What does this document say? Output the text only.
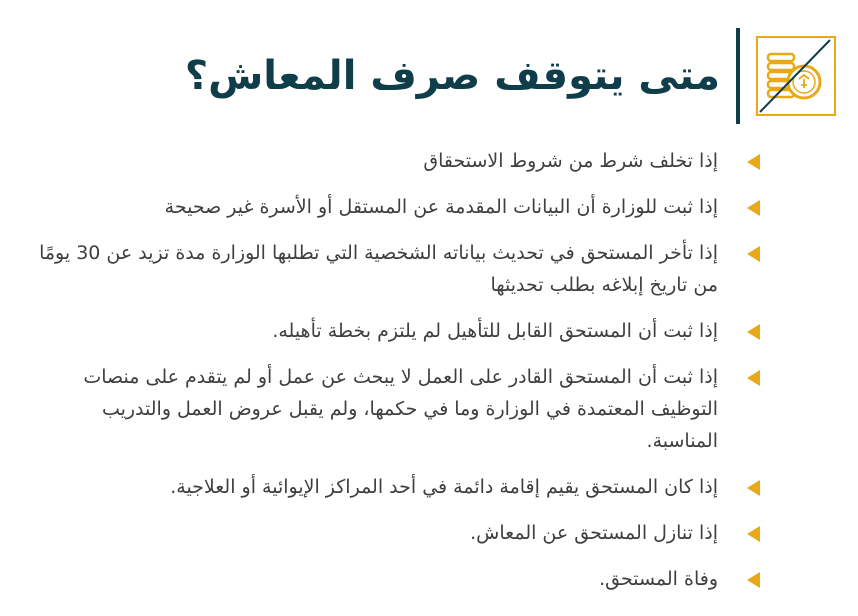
متى يتوقف صرف المعاش؟
إذا تخلف شرط من شروط الاستحقاق
إذا ثبت للوزارة أن البيانات المقدمة عن المستقل أو الأسرة غير صحيحة
إذا تأخر المستحق في تحديث بياناته الشخصية التي تطلبها الوزارة مدة تزيد عن 30 يومًا من تاريخ إبلاغه بطلب تحديثها
إذا ثبت أن المستحق القابل للتأهيل لم يلتزم بخطة تأهيله.
إذا ثبت أن المستحق القادر على العمل لا يبحث عن عمل أو لم يتقدم على منصات التوظيف المعتمدة في الوزارة وما في حكمها، ولم يقبل عروض العمل والتدريب المناسبة.
إذا كان المستحق يقيم إقامة دائمة في أحد المراكز الإيوائية أو العلاجية.
إذا تنازل المستحق عن المعاش.
وفاة المستحق.
